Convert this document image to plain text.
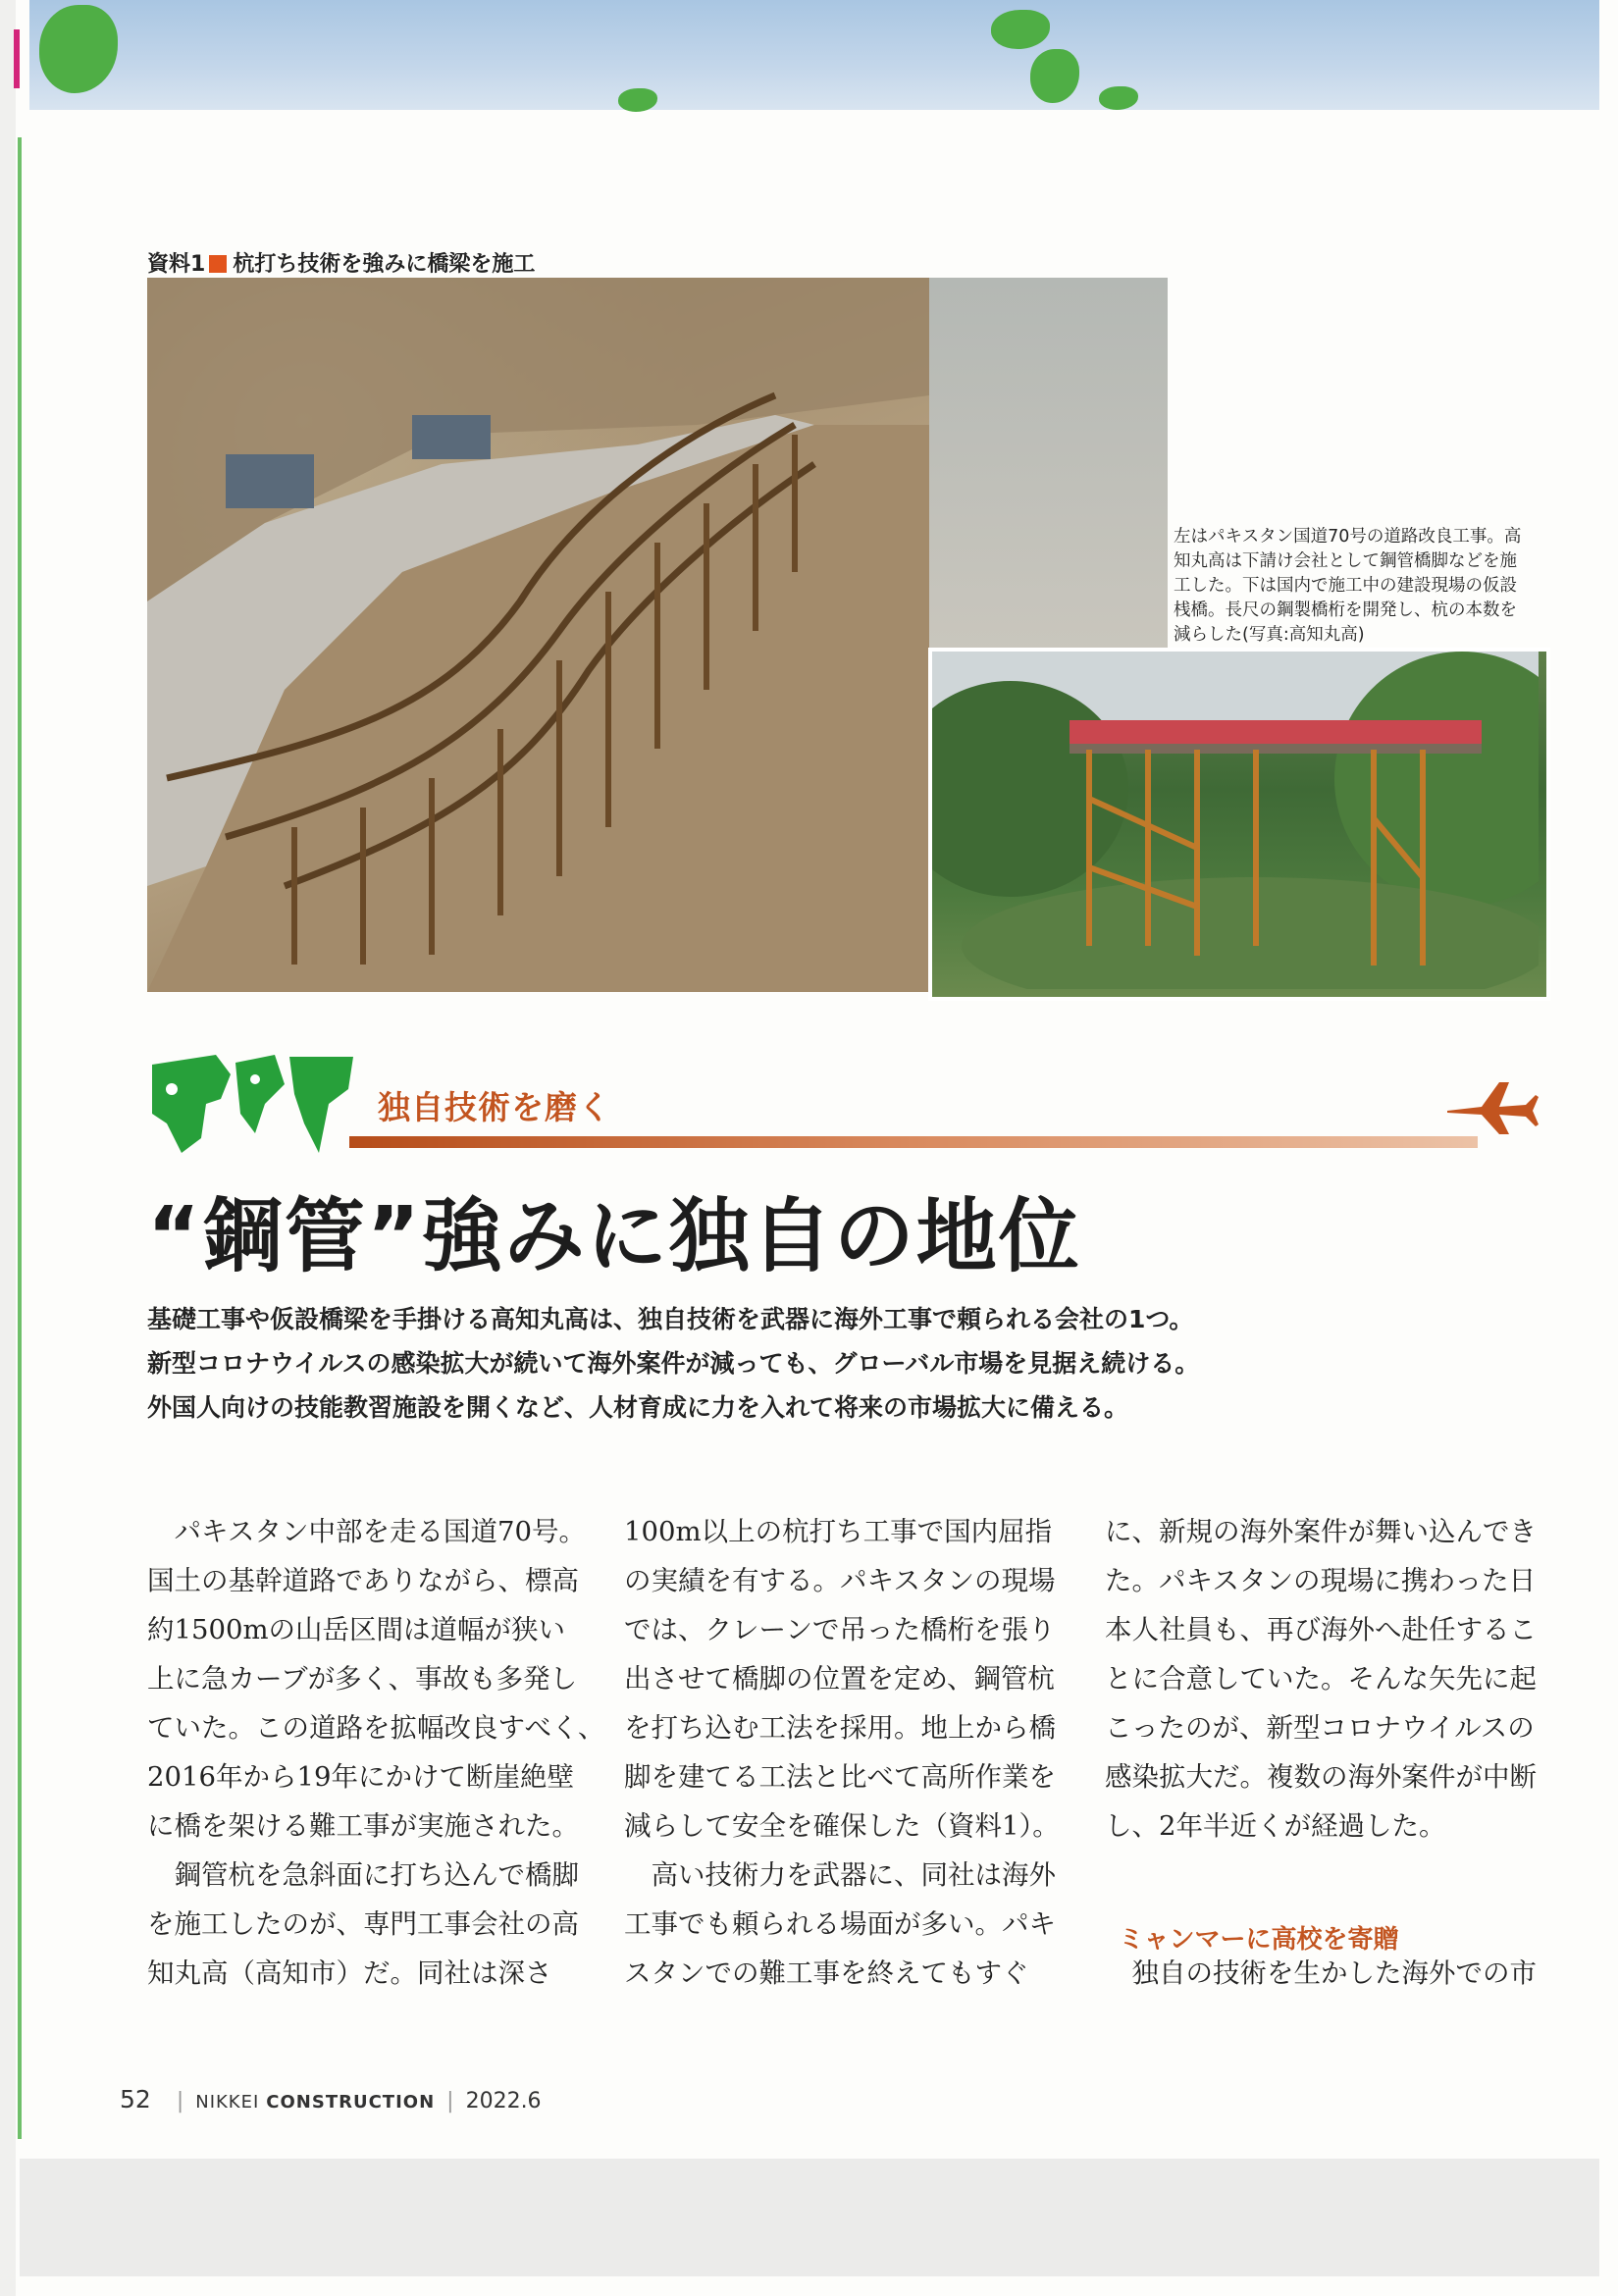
資料1 杭打ち技術を強みに橋梁を施工
左はパキスタン国道70号の道路改良工事。高
知丸高は下請け会社として鋼管橋脚などを施
工した。下は国内で施工中の建設現場の仮設
桟橋。長尺の鋼製橋桁を開発し、杭の本数を
減らした(写真:高知丸高)
独自技術を磨く
“鋼管”強みに独自の地位
基礎工事や仮設橋梁を手掛ける高知丸高は、独自技術を武器に海外工事で頼られる会社の1つ。
新型コロナウイルスの感染拡大が続いて海外案件が減っても、グローバル市場を見据え続ける。
外国人向けの技能教習施設を開くなど、人材育成に力を入れて将来の市場拡大に備える。
　パキスタン中部を走る国道70号。
国土の基幹道路でありながら、標高
約1500mの山岳区間は道幅が狭い
上に急カーブが多く、事故も多発し
ていた。この道路を拡幅改良すべく、
2016年から19年にかけて断崖絶壁
に橋を架ける難工事が実施された。
　鋼管杭を急斜面に打ち込んで橋脚
を施工したのが、専門工事会社の高
知丸高（高知市）だ。同社は深さ
100m以上の杭打ち工事で国内屈指
の実績を有する。パキスタンの現場
では、クレーンで吊った橋桁を張り
出させて橋脚の位置を定め、鋼管杭
を打ち込む工法を採用。地上から橋
脚を建てる工法と比べて高所作業を
減らして安全を確保した（資料1）。
　高い技術力を武器に、同社は海外
工事でも頼られる場面が多い。パキ
スタンでの難工事を終えてもすぐ
に、新規の海外案件が舞い込んでき
た。パキスタンの現場に携わった日
本人社員も、再び海外へ赴任するこ
とに合意していた。そんな矢先に起
こったのが、新型コロナウイルスの
感染拡大だ。複数の海外案件が中断
し、2年半近くが経過した。
ミャンマーに高校を寄贈
　独自の技術を生かした海外での市
52 | NIKKEI CONSTRUCTION | 2022.6
